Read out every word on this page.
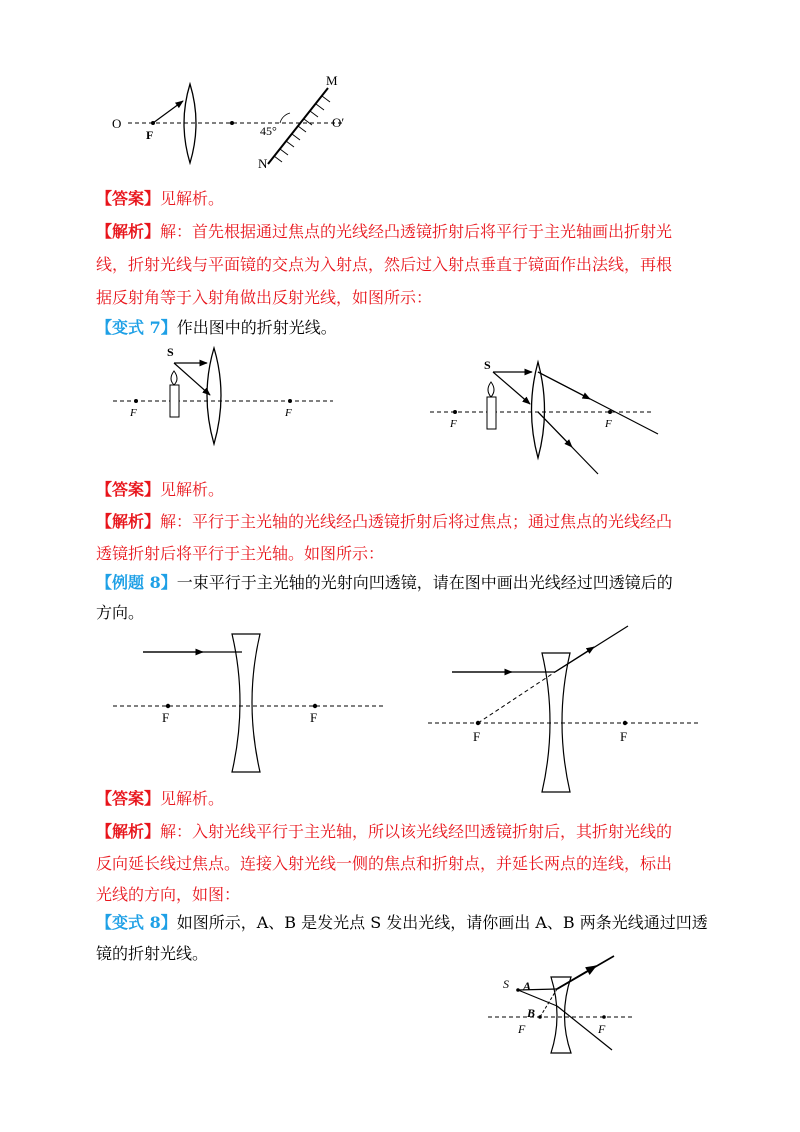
O
F
O′
M
N
45°
S
F	F
S
F	F
F	F
F	F
S A
B
F	F
【答案】见解析。
【解析】解：首先根据通过焦点的光线经凸透镜折射后将平行于主光轴画出折射光
线，折射光线与平面镜的交点为入射点，然后过入射点垂直于镜面作出法线，再根
据反射角等于入射角做出反射光线，如图所示：
【变式 7】作出图中的折射光线。
【答案】见解析。
【解析】解：平行于主光轴的光线经凸透镜折射后将过焦点；通过焦点的光线经凸
透镜折射后将平行于主光轴。如图所示：
【例题 8】一束平行于主光轴的光射向凹透镜，请在图中画出光线经过凹透镜后的
方向。
【答案】见解析。
【解析】解：入射光线平行于主光轴，所以该光线经凹透镜折射后，其折射光线的
反向延长线过焦点。连接入射光线一侧的焦点和折射点，并延长两点的连线，标出
光线的方向，如图：
【变式 8】如图所示，A、B 是发光点 S 发出光线，请你画出 A、B 两条光线通过凹透
镜的折射光线。
